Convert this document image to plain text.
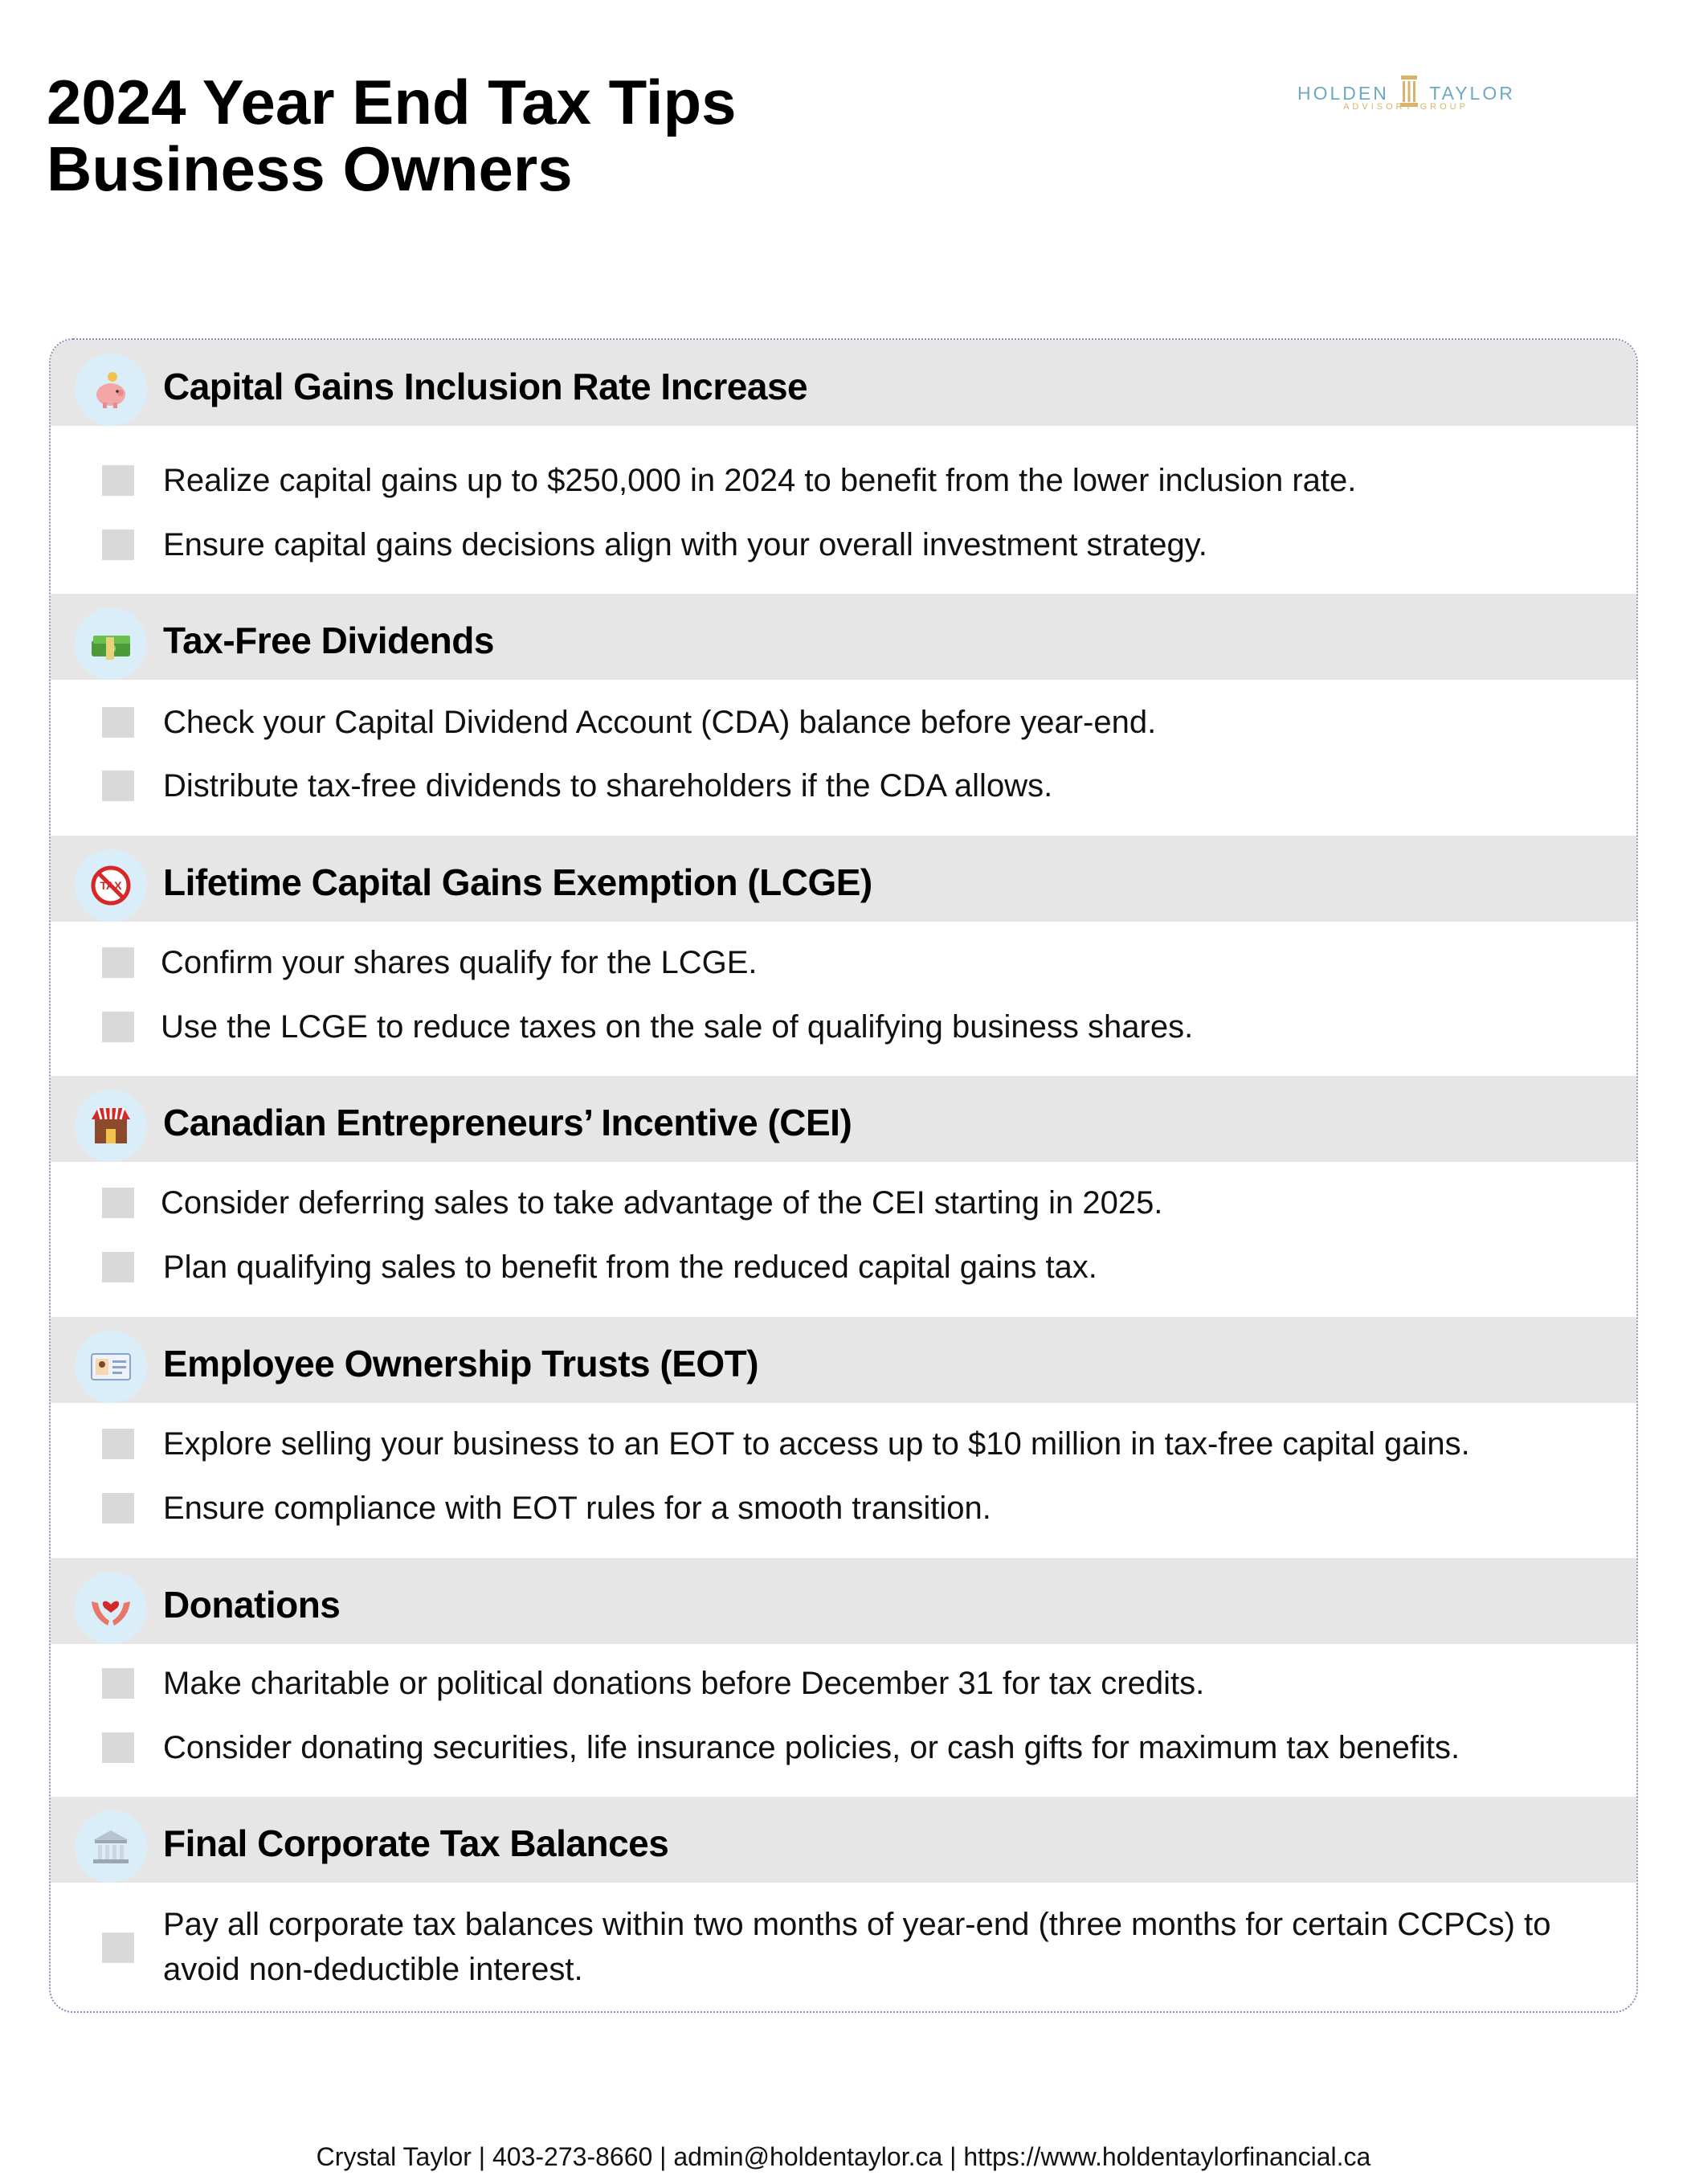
2024 Year End Tax Tips
Business Owners
HOLDEN TAYLOR
ADVISORY GROUP
Capital Gains Inclusion Rate Increase
Realize capital gains up to $250,000 in 2024 to benefit from the lower inclusion rate.
Ensure capital gains decisions align with your overall investment strategy.
Tax-Free Dividends
Check your Capital Dividend Account (CDA) balance before year-end.
Distribute tax-free dividends to shareholders if the CDA allows.
TAX Lifetime Capital Gains Exemption (LCGE)
Confirm your shares qualify for the LCGE.
Use the LCGE to reduce taxes on the sale of qualifying business shares.
Canadian Entrepreneurs’ Incentive (CEI)
Consider deferring sales to take advantage of the CEI starting in 2025.
Plan qualifying sales to benefit from the reduced capital gains tax.
Employee Ownership Trusts (EOT)
Explore selling your business to an EOT to access up to $10 million in tax-free capital gains.
Ensure compliance with EOT rules for a smooth transition.
Donations
Make charitable or political donations before December 31 for tax credits.
Consider donating securities, life insurance policies, or cash gifts for maximum tax benefits.
Final Corporate Tax Balances
Pay all corporate tax balances within two months of year-end (three months for certain CCPCs) to avoid non-deductible interest.
Crystal Taylor | 403-273-8660 | admin@holdentaylor.ca | https://www.holdentaylorfinancial.ca
